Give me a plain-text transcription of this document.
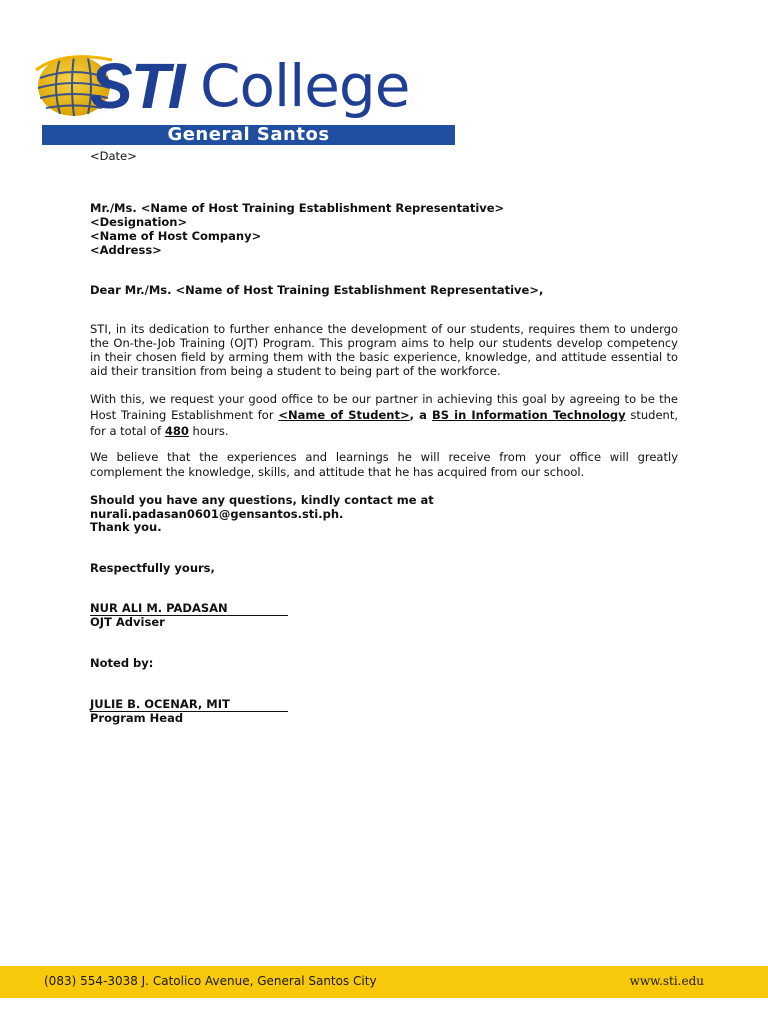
STI College
General Santos
<Date>
Mr./Ms. <Name of Host Training Establishment Representative>
<Designation>
<Name of Host Company>
<Address>
Dear Mr./Ms. <Name of Host Training Establishment Representative>,
STI, in its dedication to further enhance the development of our students, requires them to undergo the On-the-Job Training (OJT) Program. This program aims to help our students develop competency in their chosen field by arming them with the basic experience, knowledge, and attitude essential to aid their transition from being a student to being part of the workforce.
With this, we request your good office to be our partner in achieving this goal by agreeing to be the Host Training Establishment for <Name of Student>, a BS in Information Technology student, for a total of 480 hours.
We believe that the experiences and learnings he will receive from your office will greatly complement the knowledge, skills, and attitude that he has acquired from our school.
Should you have any questions, kindly contact me at nurali.padasan0601@gensantos.sti.ph.
Thank you.
Respectfully yours,
NUR ALI M. PADASAN
OJT Adviser
Noted by:
JULIE B. OCENAR, MIT
Program Head
(083) 554-3038 J. Catolico Avenue, General Santos City	www.sti.edu
